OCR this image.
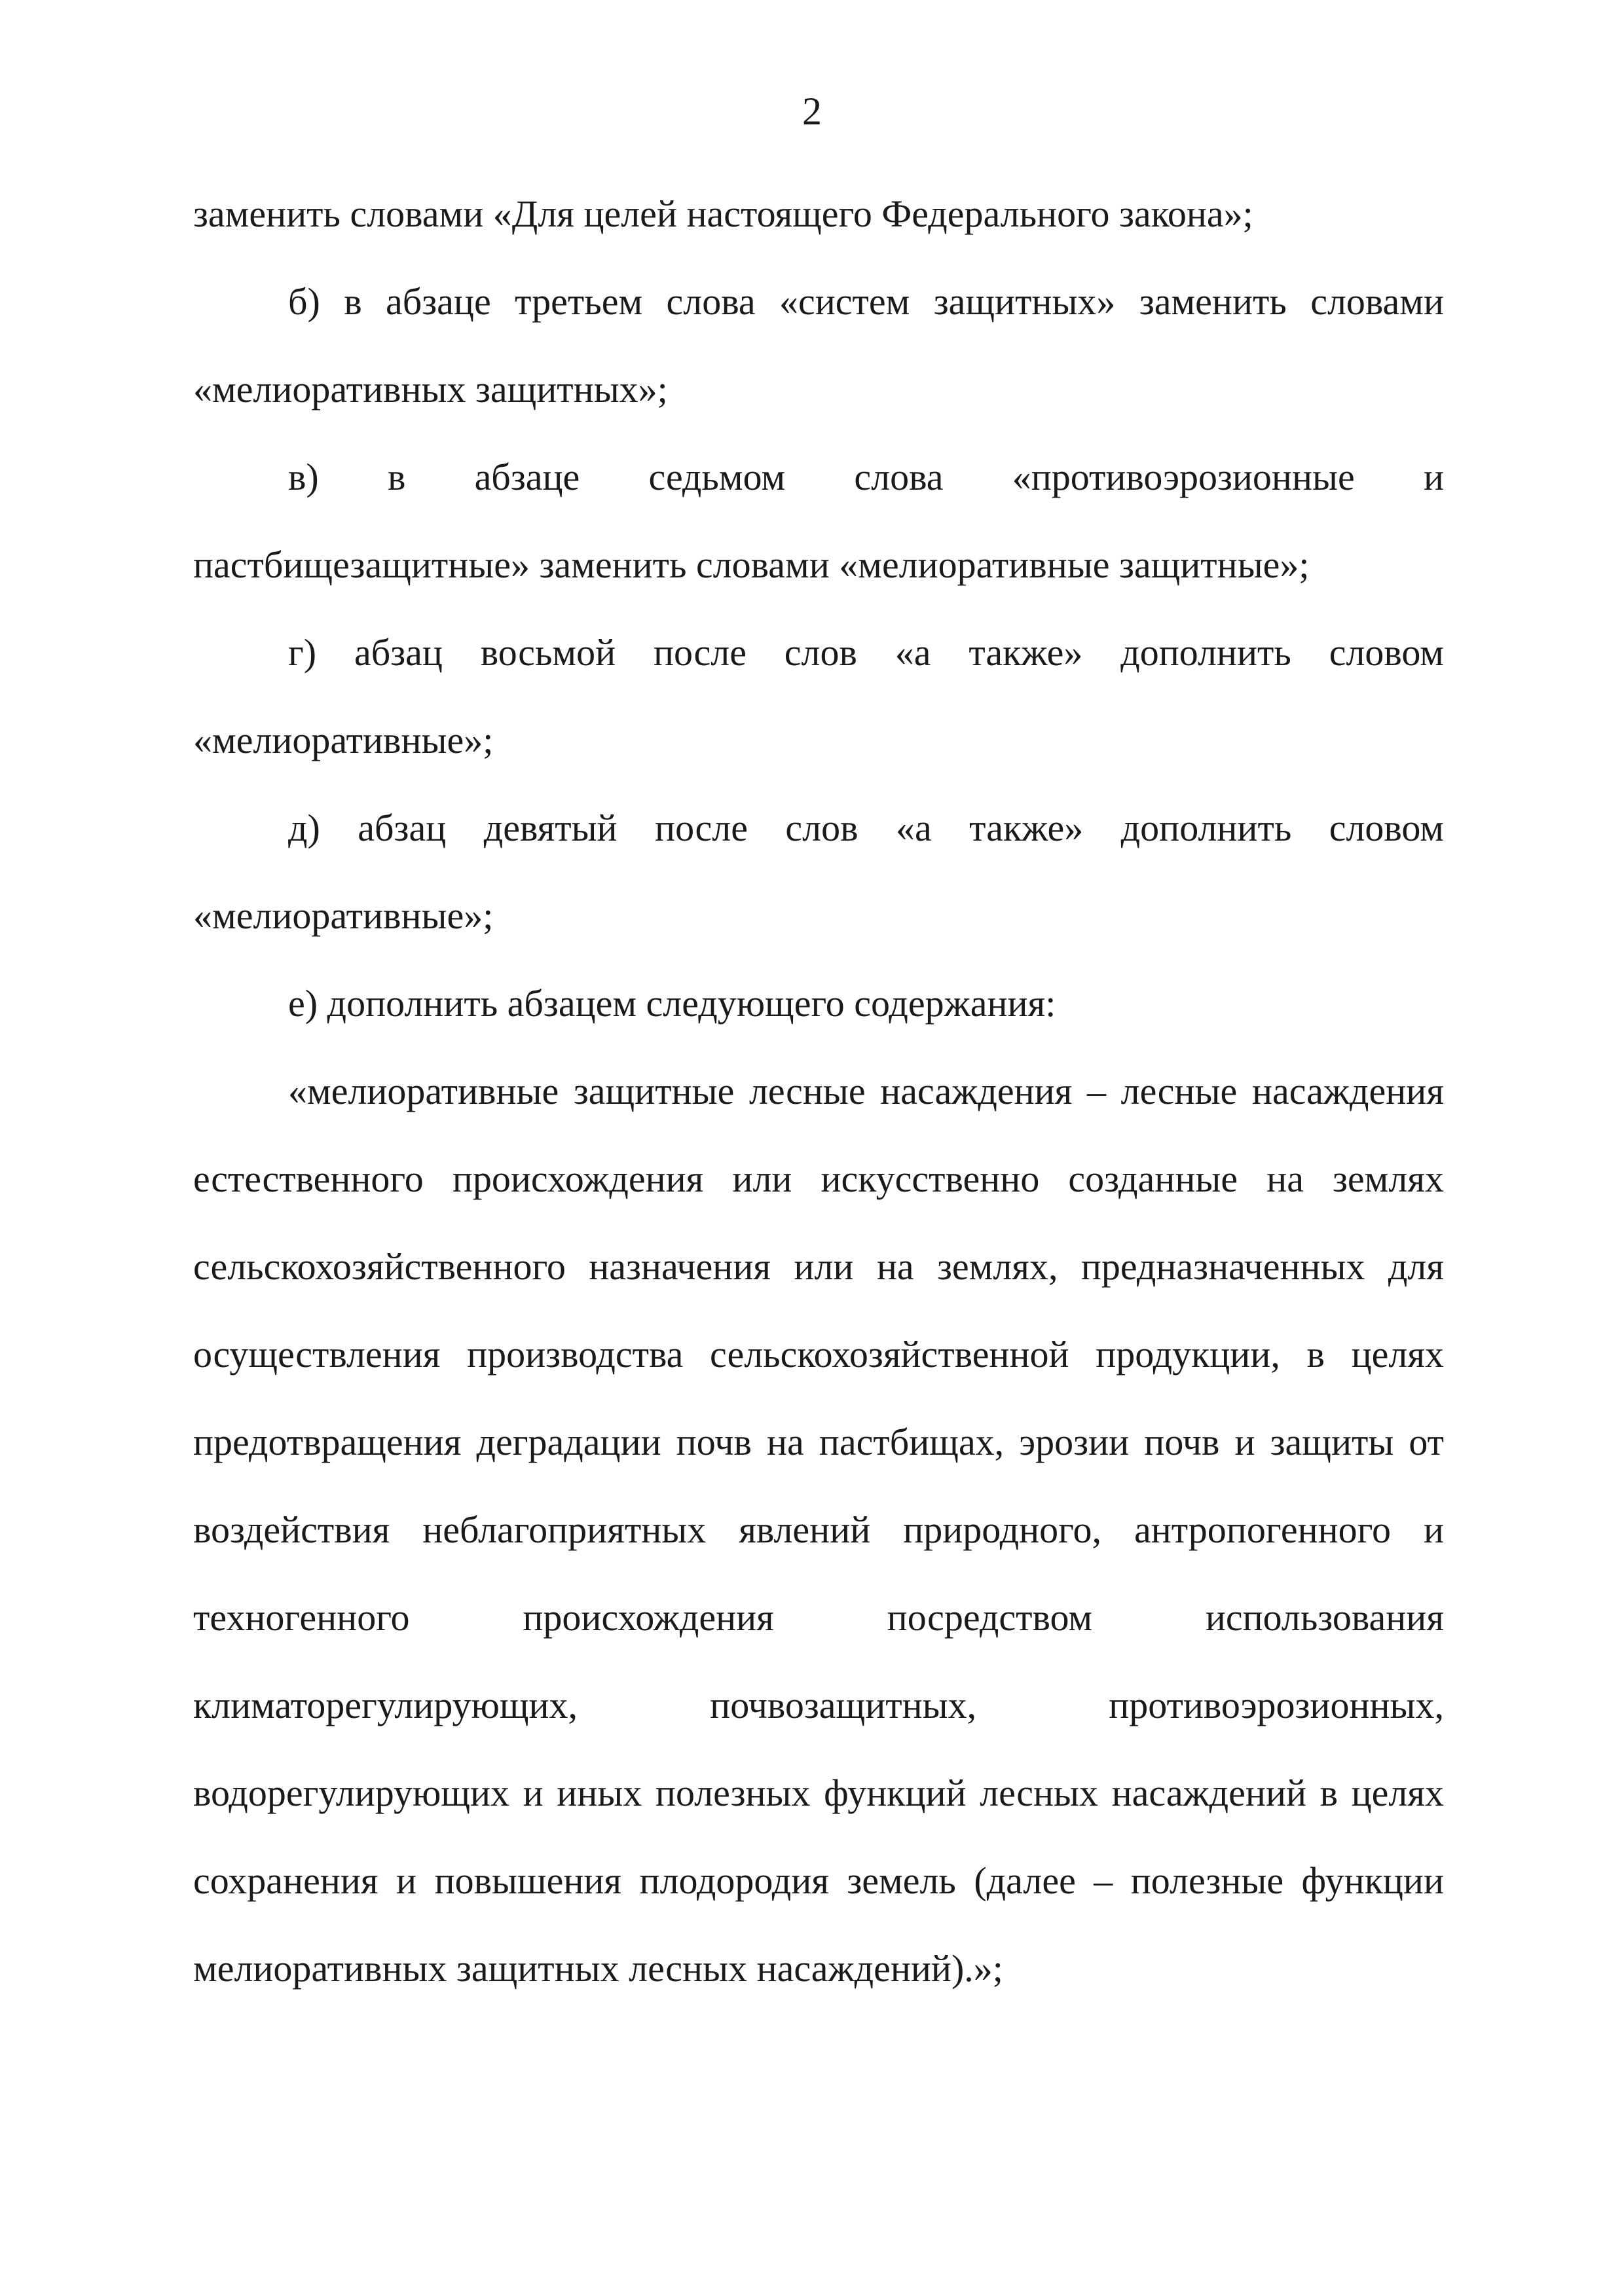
2
заменить словами «Для целей настоящего Федерального закона»;
б) в абзаце третьем слова «систем защитных» заменить словами
«мелиоративных защитных»;
в) в абзаце седьмом слова «противоэрозионные и
пастбищезащитные» заменить словами «мелиоративные защитные»;
г) абзац восьмой после слов «а также» дополнить словом
«мелиоративные»;
д) абзац девятый после слов «а также» дополнить словом
«мелиоративные»;
е) дополнить абзацем следующего содержания:
«мелиоративные защитные лесные насаждения – лесные насаждения
естественного происхождения или искусственно созданные на землях
сельскохозяйственного назначения или на землях, предназначенных для
осуществления производства сельскохозяйственной продукции, в целях
предотвращения деградации почв на пастбищах, эрозии почв и защиты от
воздействия неблагоприятных явлений природного, антропогенного и
техногенного происхождения посредством использования
климаторегулирующих, почвозащитных, противоэрозионных,
водорегулирующих и иных полезных функций лесных насаждений в целях
сохранения и повышения плодородия земель (далее – полезные функции
мелиоративных защитных лесных насаждений).»;
